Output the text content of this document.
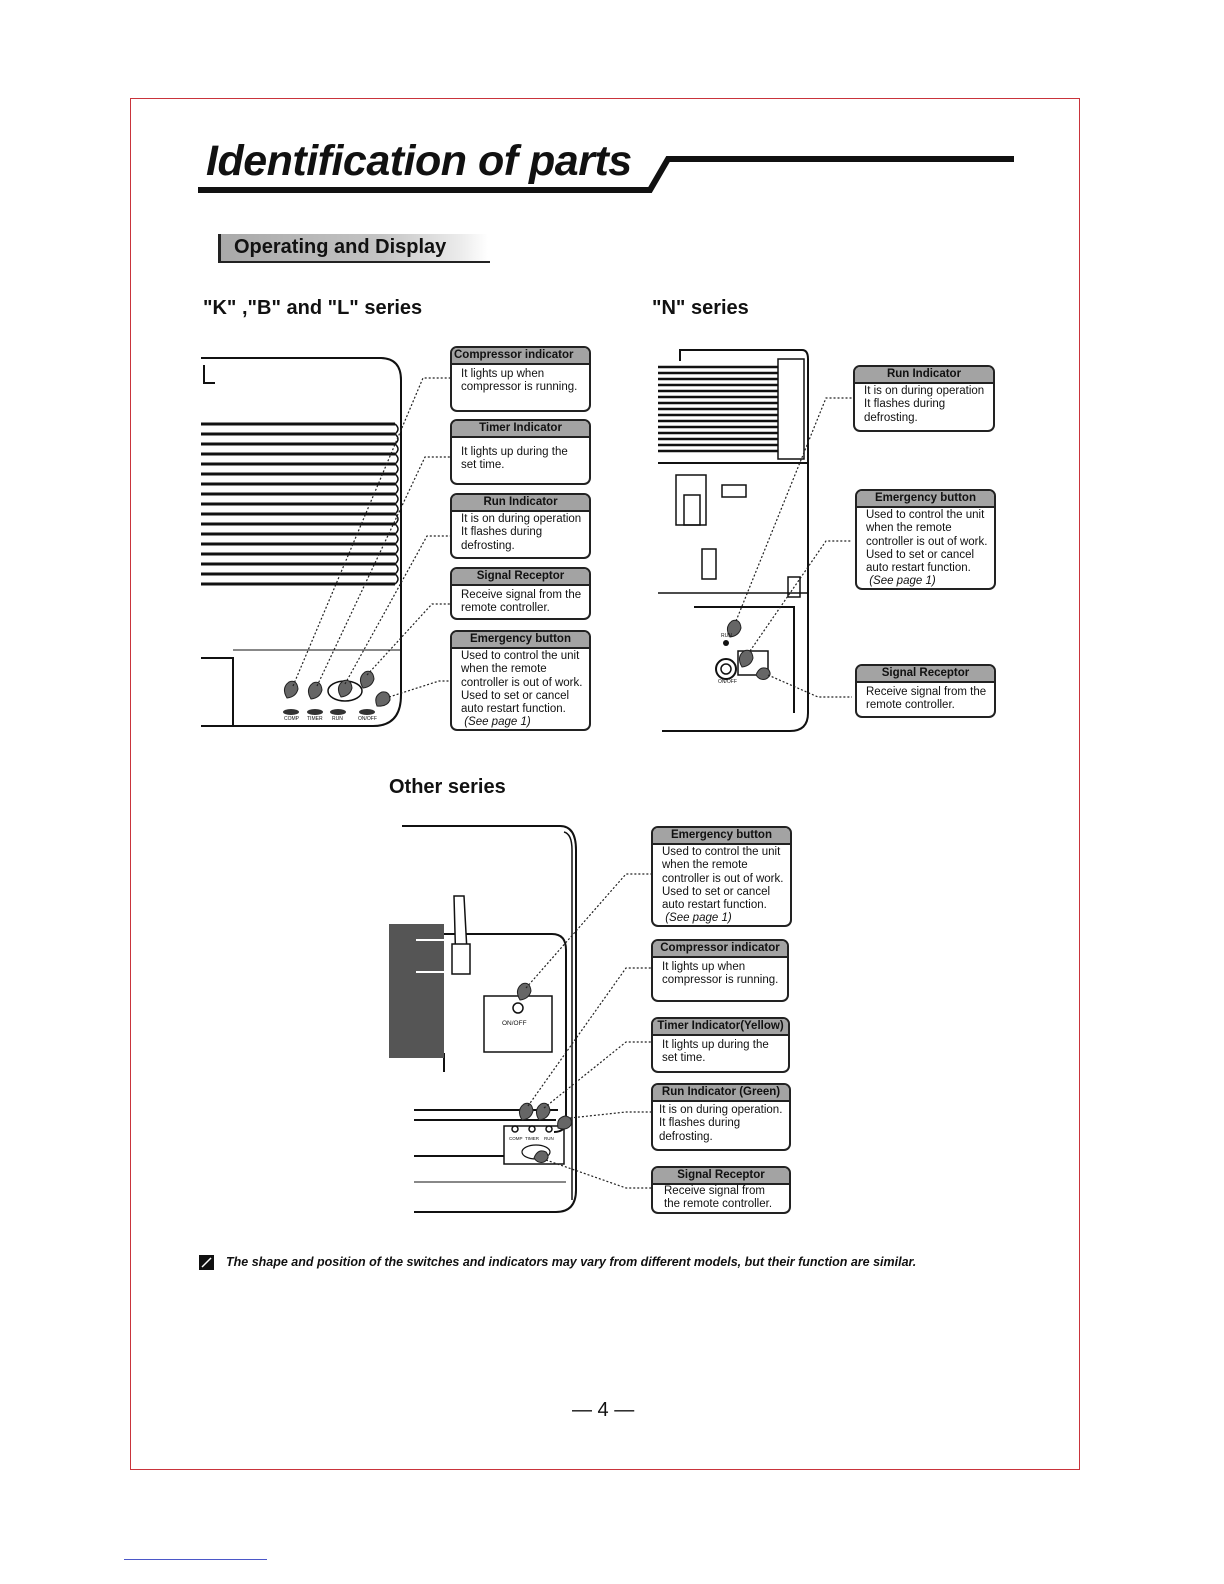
Identification of parts
Operating and Display
"K" ,"B" and "L" series	"N" series
Other series
COMP TIMER RUN	ON/OFF
Compressor indicator
It lights up when
compressor is running.
Timer Indicator
It lights up during the
set time.
Run Indicator
It is on during operation
It flashes during
defrosting.
Signal Receptor
Receive signal from the
remote controller.
Emergency button
Used to control the unit
when the remote
controller is out of work.
Used to set or cancel
auto restart function.
(See page 1)
RUN
ON/OFF
Run Indicator
It is on during operation
It flashes during
defrosting.
Emergency button
Used to control the unit
when the remote
controller is out of work.
Used to set or cancel
auto restart function.
(See page 1)
Signal Receptor
Receive signal from the
remote controller.
ON/OFF
COMP TIMER RUN
Emergency button
Used to control the unit
when the remote
controller is out of work.
Used to set or cancel
auto restart function.
(See page 1)
Compressor indicator
It lights up when
compressor is running.
Timer Indicator(Yellow)
It lights up during the
set time.
Run Indicator (Green)
It is on during operation.
It flashes during
defrosting.
Signal Receptor
Receive signal from
the remote controller.
The shape and position of the switches and indicators may vary from different models, but their function are similar.
— 4 —
